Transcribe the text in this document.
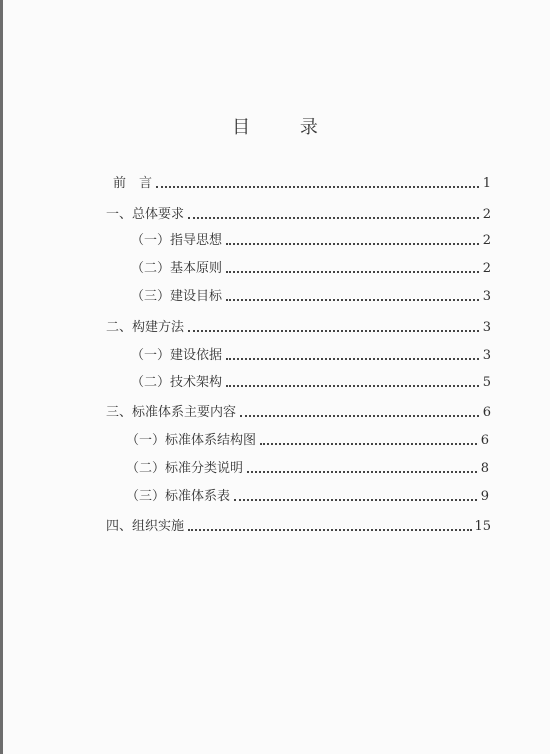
目 录
前　言	1
一、总体要求	2
（一）指导思想	2
（二）基本原则	2
（三）建设目标	3
二、构建方法	3
（一）建设依据	3
（二）技术架构	5
三、标准体系主要内容	6
（一）标准体系结构图	6
（二）标准分类说明	8
（三）标准体系表	9
四、组织实施	15
